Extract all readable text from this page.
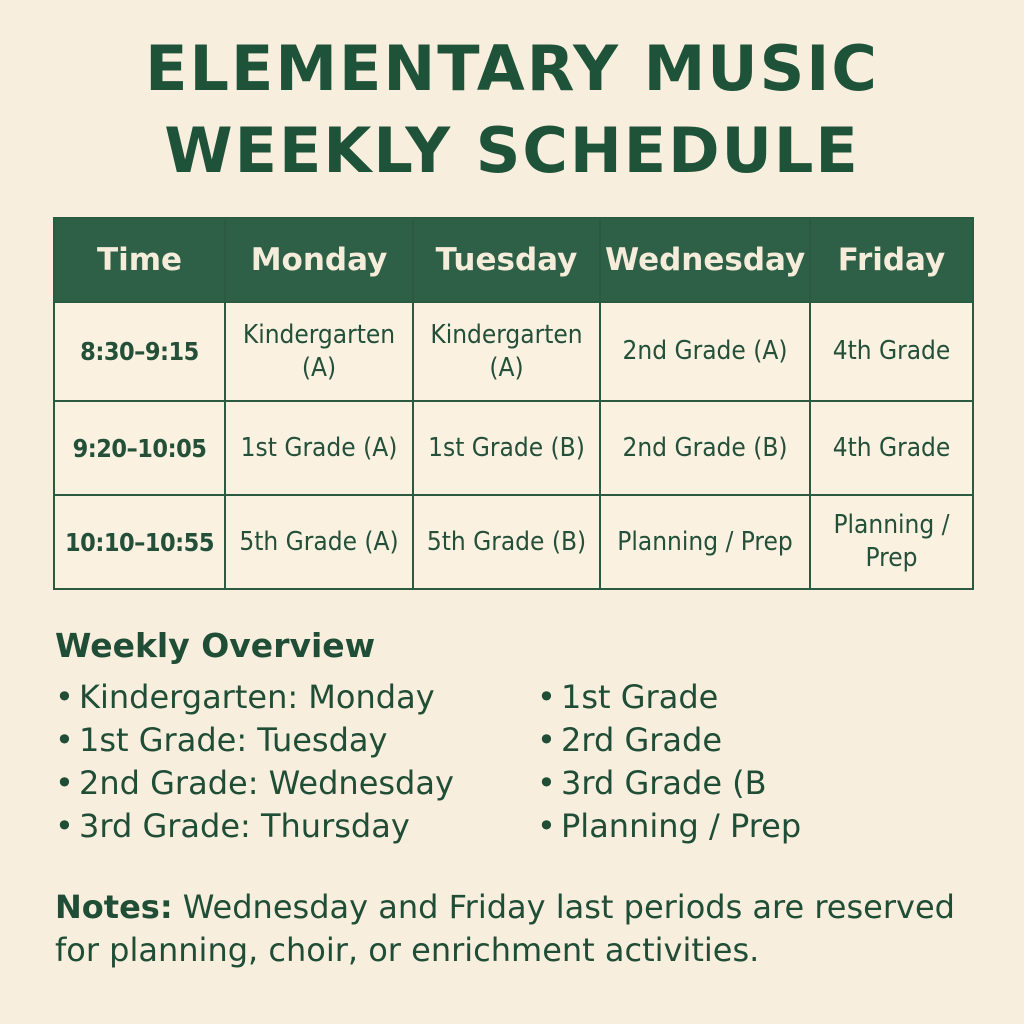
ELEMENTARY MUSIC
WEEKLY SCHEDULE
Time	Monday	Tuesday	Wednesday	Friday
8:30–9:15	Kindergarten (A)	Kindergarten (A)	2nd Grade (A)	4th Grade
9:20–10:05	1st Grade (A)	1st Grade (B)	2nd Grade (B)	4th Grade
10:10–10:55	5th Grade (A)	5th Grade (B)	Planning / Prep	Planning / Prep
Weekly Overview
• Kindergarten: Monday
• 1st Grade: Tuesday
• 2nd Grade: Wednesday
• 3rd Grade: Thursday
• 1st Grade
• 2rd Grade
• 3rd Grade (B
• Planning / Prep
Notes: Wednesday and Friday last periods are reserved for planning, choir, or enrichment activities.
